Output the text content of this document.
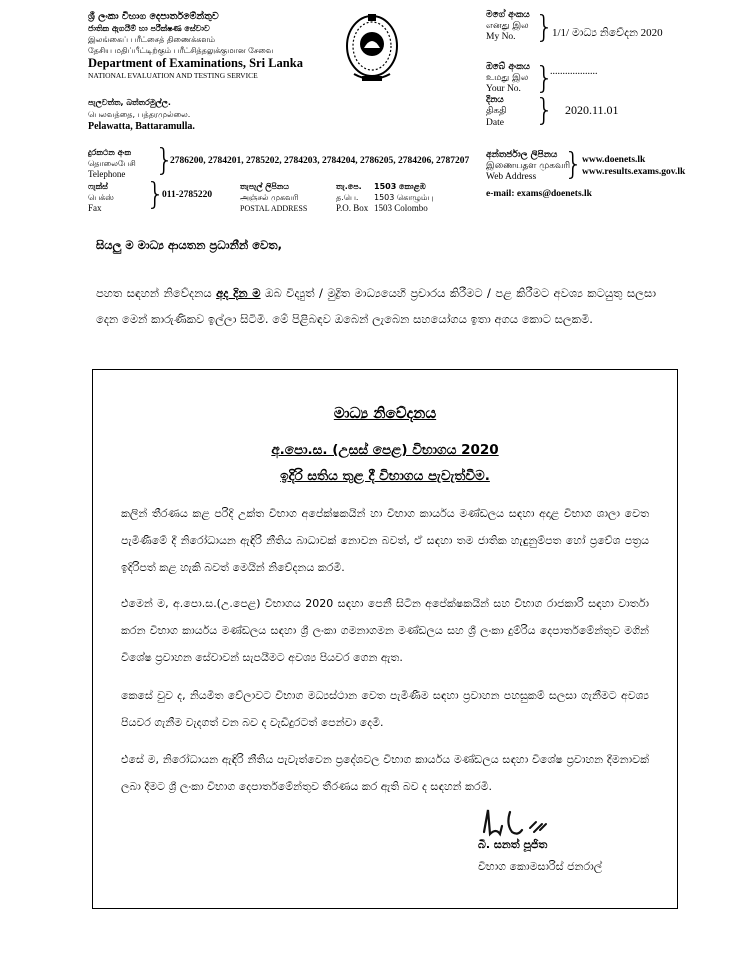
ශ්‍රී ලංකා විභාග දෙපාර්තමේන්තුව
ජාතික ඇගයීම් හා පරීක්ෂණ සේවාව
இலங்கைப் பரீட்சைத் திணைக்களம்
தேசிய மதிப்பீட்டிற்கும் பரீட்சித்தலுக்குமான சேவை
Department of Examinations, Sri Lanka
NATIONAL EVALUATION AND TESTING SERVICE
පැලවත්ත, බත්තරමුල්ල.
பெலவத்தை, பத்தரமுல்லை.
Pelawatta, Battaramulla.
දුරකථන අංක
தொலைபேசி
Telephone }
2786200, 2784201, 2785202, 2784203, 2784204, 2786205, 2784206, 2787207
ෆැක්ස්
பெக்ஸ்
Fax }
011-2785220
තැපැල් ලිපිනය
அஞ்சல் முகவரி
POSTAL ADDRESS
තැ.පෙ.
த.பெ.
P.O. Box
1503 කොළඹ
1503 கொழும்பு
1503 Colombo
මගේ අංකය
எனது இல
My No. }
1/1/ මාධ්‍ය නිවේදන 2020
ඔබේ අංකය
உமது இல
Your No. }
...................
දිනය
திகதி
Date } 2020.11.01
අන්තර්ජාල ලිපිනය
இணையதள முகவரி
Web Address }
www.doenets.lk
www.results.exams.gov.lk
e-mail: exams@doenets.lk
සියලු ම මාධ්‍ය ආයතන ප්‍රධානීන් වෙත,
පහත සඳහන් නිවේදනය අද දින ම ඔබ විද්‍යුත් / මුද්‍රිත මාධ්‍යයෙහි ප්‍රචාරය කිරීමට / පළ කිරීමට අවශ්‍ය කටයුතු සලසා දෙන මෙන් කාරුණිකව ඉල්ලා සිටිමි. මේ පිළිබඳව ඔබෙන් ලැබෙන සහයෝගය ඉතා අගය කොට සලකමි.
මාධ්‍ය නිවේදනය
අ.පො.ස. (උසස් පෙළ) විභාගය 2020
ඉදිරි සතිය තුළ දී විභාගය පැවැත්වීම.
කලින් තීරණය කළ පරිදි උක්ත විභාග අපේක්ෂකයින් හා විභාග කාර්යය මණ්ඩලය සඳහා අදාළ විභාග ශාලා වෙත පැමිණීමේ දී නිරෝධායන ඇඳිරි නීතිය බාධාවක් නොවන බවත්, ඒ සඳහා තම ජාතික හැඳුනුම්පත හෝ ප්‍රවේශ පත්‍රය ඉදිරිපත් කළ හැකි බවත් මෙයින් නිවේදනය කරමි.
එමෙන් ම, අ.පො.ස.(උ.පෙළ) විභාගය 2020 සඳහා පෙනී සිටින අපේක්ෂකයින් සහ විභාග රාජකාරි සඳහා වාර්තා කරන විභාග කාර්යය මණ්ඩලය සඳහා ශ්‍රී ලංකා ගමනාගමන මණ්ඩලය සහ ශ්‍රී ලංකා දුම්රිය දෙපාර්තමේන්තුව මගින් විශේෂ ප්‍රවාහන සේවාවන් සැපයීමට අවශ්‍ය පියවර ගෙන ඇත.
කෙසේ වුව ද, නියමිත වේලාවට විභාග මධ්‍යස්ථාන වෙත පැමිණීම සඳහා ප්‍රවාහන පහසුකම් සලසා ගැනීමට අවශ්‍ය පියවර ගැනීම වැදගත් වන බව ද වැඩිදුරටත් පෙන්වා දෙමි.
එසේ ම, නිරෝධායන ඇඳිරි නීතිය පැවැත්වෙන ප්‍රදේශවල විභාග කාර්යය මණ්ඩලය සඳහා විශේෂ ප්‍රවාහන දීමනාවක් ලබා දීමට ශ්‍රී ලංකා විභාග දෙපාර්තමේන්තුව තීරණය කර ඇති බව ද සඳහන් කරමි.
බී. සනත් පූජිත
විභාග කොමසාරිස් ජනරාල්
